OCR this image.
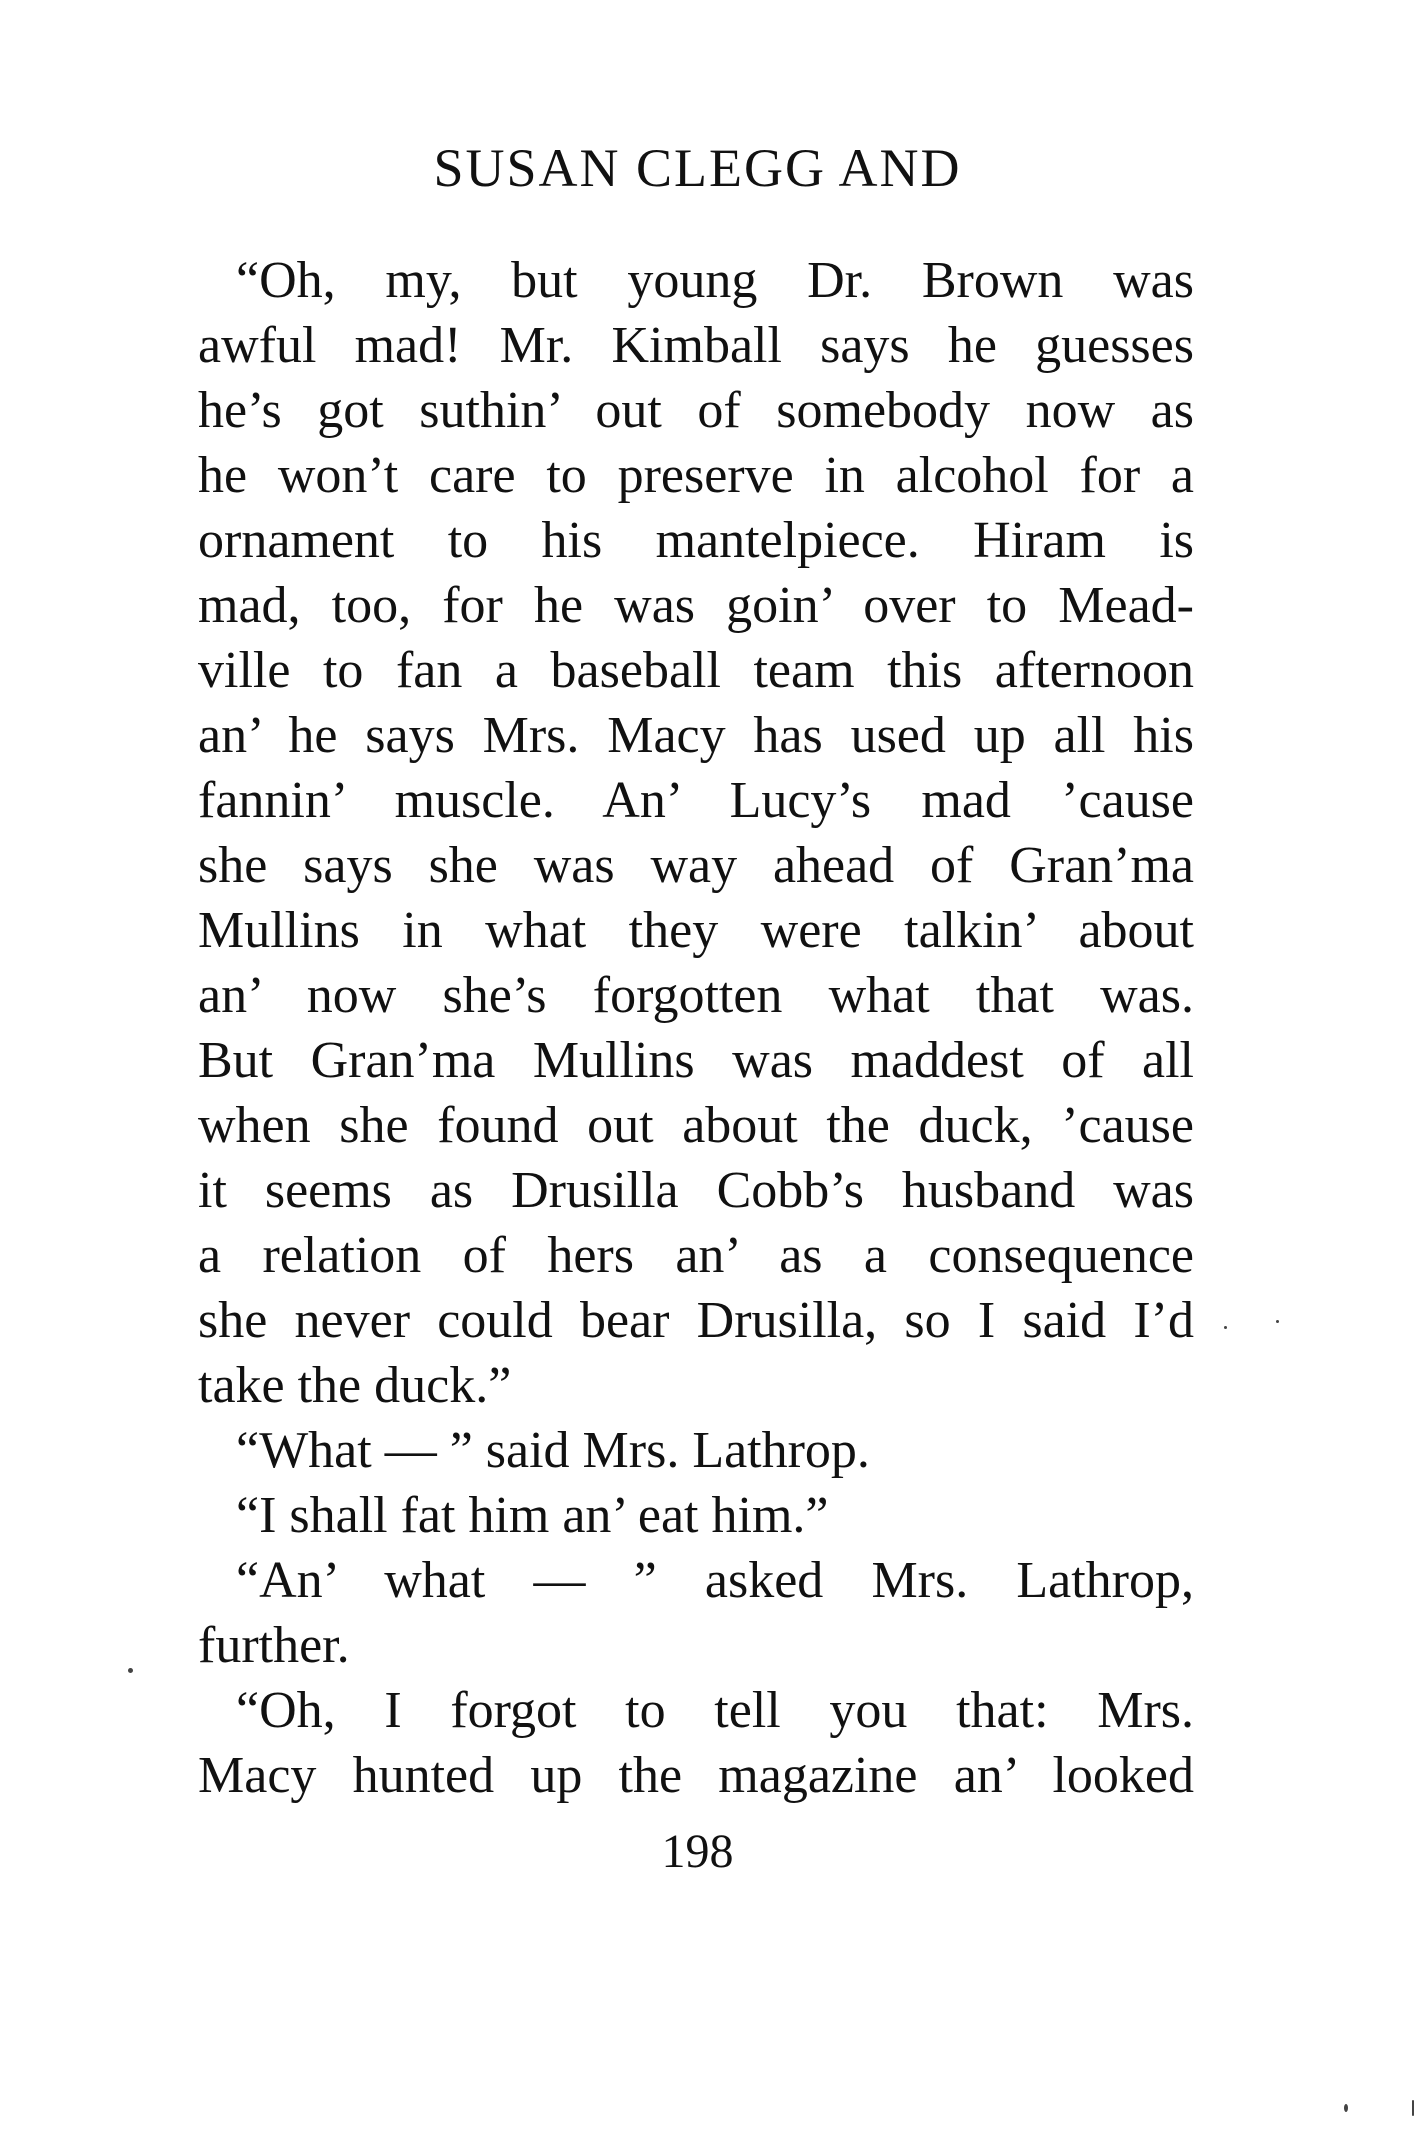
SUSAN CLEGG AND
“Oh, my, but young Dr. Brown was
awful mad! Mr. Kimball says he guesses
he’s got suthin’ out of somebody now as
he won’t care to preserve in alcohol for a
ornament to his mantelpiece. Hiram is
mad, too, for he was goin’ over to Mead-
ville to fan a baseball team this afternoon
an’ he says Mrs. Macy has used up all his
fannin’ muscle. An’ Lucy’s mad ’cause
she says she was way ahead of Gran’ma
Mullins in what they were talkin’ about
an’ now she’s forgotten what that was.
But Gran’ma Mullins was maddest of all
when she found out about the duck, ’cause
it seems as Drusilla Cobb’s husband was
a relation of hers an’ as a consequence
she never could bear Drusilla, so I said I’d
take the duck.”
“What — ” said Mrs. Lathrop.
“I shall fat him an’ eat him.”
“An’ what — ” asked Mrs. Lathrop,
further.
“Oh, I forgot to tell you that: Mrs.
Macy hunted up the magazine an’ looked
198
